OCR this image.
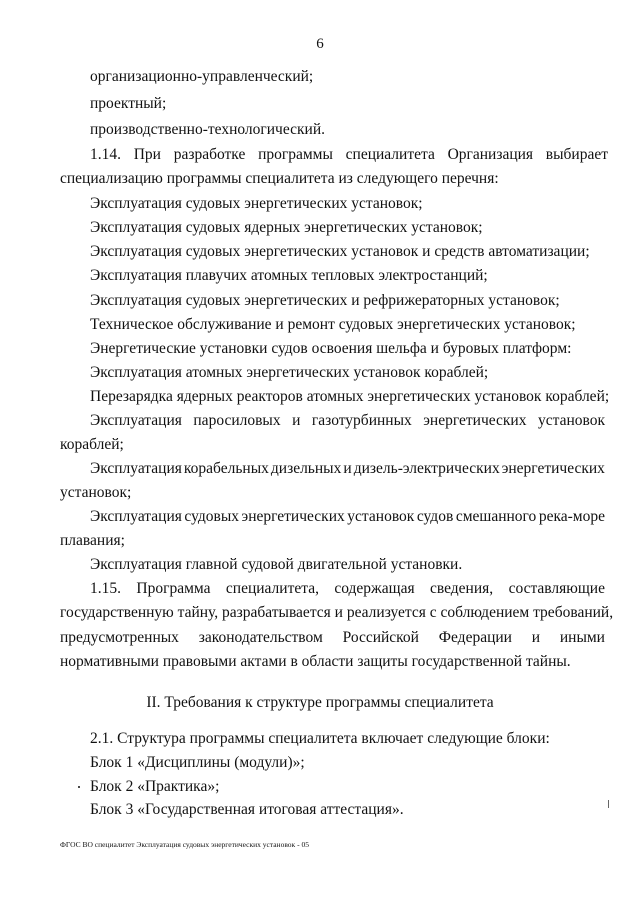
6
организационно-управленческий;
проектный;
производственно-технологический.
1.14. При разработке программы специалитета Организация выбирает
специализацию программы специалитета из следующего перечня:
Эксплуатация судовых энергетических установок;
Эксплуатация судовых ядерных энергетических установок;
Эксплуатация судовых энергетических установок и средств автоматизации;
Эксплуатация плавучих атомных тепловых электростанций;
Эксплуатация судовых энергетических и рефрижераторных установок;
Техническое обслуживание и ремонт судовых энергетических установок;
Энергетические установки судов освоения шельфа и буровых платформ:
Эксплуатация атомных энергетических установок кораблей;
Перезарядка ядерных реакторов атомных энергетических установок кораблей;
Эксплуатация паросиловых и газотурбинных энергетических установок
кораблей;
Эксплуатация корабельных дизельных и дизель-электрических энергетических
установок;
Эксплуатация судовых энергетических установок судов смешанного река-море
плавания;
Эксплуатация главной судовой двигательной установки.
1.15. Программа специалитета, содержащая сведения, составляющие
государственную тайну, разрабатывается и реализуется с соблюдением требований,
предусмотренных законодательством Российской Федерации и иными
нормативными правовыми актами в области защиты государственной тайны.
II. Требования к структуре программы специалитета
2.1. Структура программы специалитета включает следующие блоки:
Блок 1 «Дисциплины (модули)»;
Блок 2 «Практика»;
Блок 3 «Государственная итоговая аттестация».
ФГОС ВО специалитет Эксплуатация судовых энергетических установок - 05
